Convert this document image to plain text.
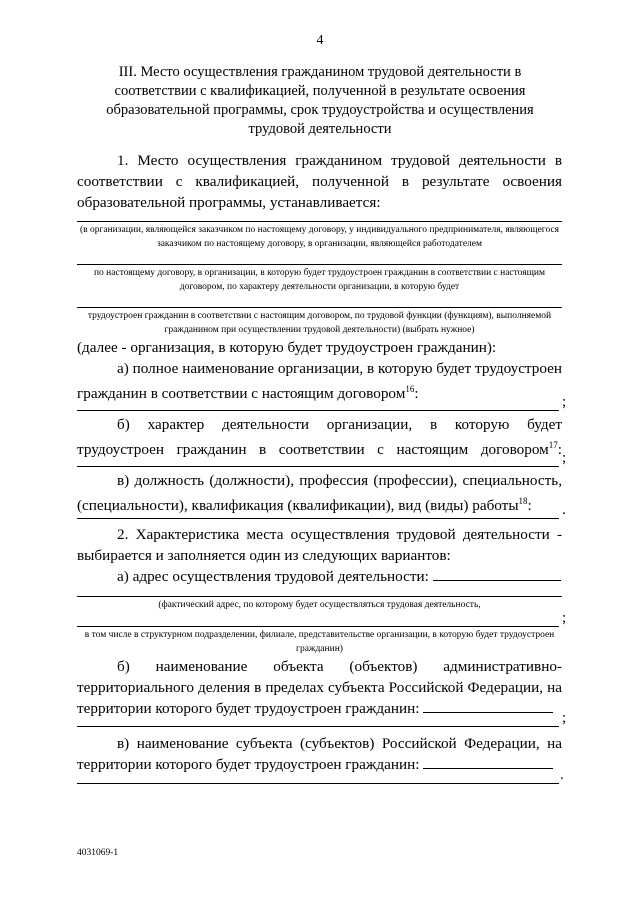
4
III. Место осуществления гражданином трудовой деятельности в соответствии с квалификацией, полученной в результате освоения образовательной программы, срок трудоустройства и осуществления трудовой деятельности
1. Место осуществления гражданином трудовой деятельности в соответствии с квалификацией, полученной в результате освоения образовательной программы, устанавливается:
(в организации, являющейся заказчиком по настоящему договору, у индивидуального предпринимателя, являющегося заказчиком по настоящему договору, в организации, являющейся работодателем
по настоящему договору, в организации, в которую будет трудоустроен гражданин в соответствии с настоящим договором, по характеру деятельности организации, в которую будет
трудоустроен гражданин в соответствии с настоящим договором, по трудовой функции (функциям), выполняемой гражданином при осуществлении трудовой деятельности) (выбрать нужное)
(далее - организация, в которую будет трудоустроен гражданин):
а) полное наименование организации, в которую будет трудоустроен гражданин в соответствии с настоящим договором$^{16}$:	;
б) характер деятельности организации, в которую будет трудоустроен гражданин в соответствии с настоящим договором$^{17}$: ;
в) должность (должности), профессия (профессии), специальность, (специальности), квалификация (квалификации), вид (виды) работы$^{18}$:	.
2. Характеристика места осуществления трудовой деятельности - выбирается и заполняется один из следующих вариантов:
а) адрес осуществления трудовой деятельности:
(фактический адрес, по которому будет осуществляться трудовая деятельность,
;
в том числе в структурном подразделении, филиале, представительстве организации, в которую будет трудоустроен гражданин)
б) наименование объекта (объектов) административно-территориального деления в пределах субъекта Российской Федерации, на территории которого будет трудоустроен гражданин:
;
в) наименование субъекта (субъектов) Российской Федерации, на территории которого будет трудоустроен гражданин:
.
4031069-1
